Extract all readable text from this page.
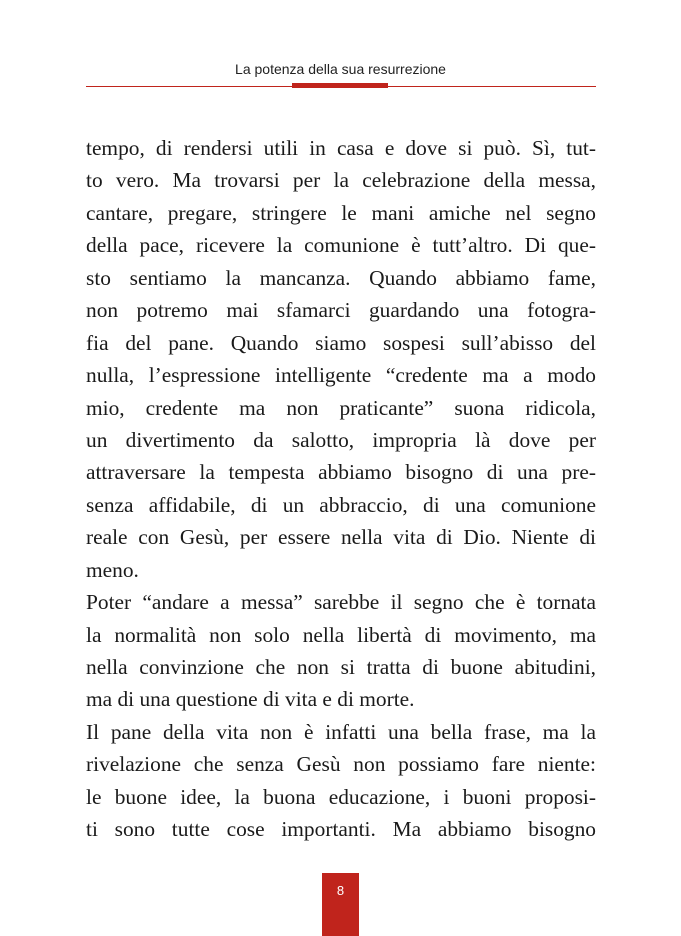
La potenza della sua resurrezione

tempo, di rendersi utili in casa e dove si può. Sì, tut-
to vero. Ma trovarsi per la celebrazione della messa,
cantare, pregare, stringere le mani amiche nel segno
della pace, ricevere la comunione è tutt’altro. Di que-
sto sentiamo la mancanza. Quando abbiamo fame,
non potremo mai sfamarci guardando una fotogra-
fia del pane. Quando siamo sospesi sull’abisso del
nulla, l’espressione intelligente “credente ma a modo
mio, credente ma non praticante” suona ridicola,
un divertimento da salotto, impropria là dove per
attraversare la tempesta abbiamo bisogno di una pre-
senza affidabile, di un abbraccio, di una comunione
reale con Gesù, per essere nella vita di Dio. Niente di
meno.
Poter “andare a messa” sarebbe il segno che è tornata
la normalità non solo nella libertà di movimento, ma
nella convinzione che non si tratta di buone abitudini,
ma di una questione di vita e di morte.
Il pane della vita non è infatti una bella frase, ma la
rivelazione che senza Gesù non possiamo fare niente:
le buone idee, la buona educazione, i buoni proposi-
ti sono tutte cose importanti. Ma abbiamo bisogno
8
